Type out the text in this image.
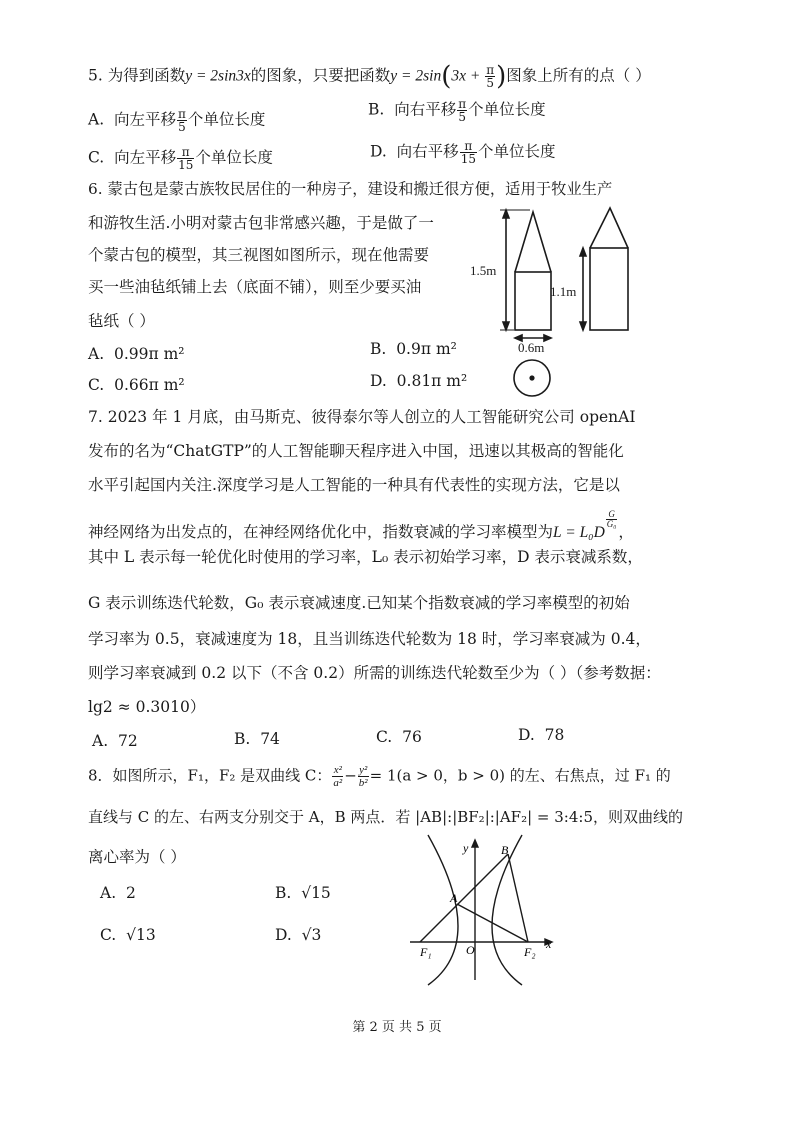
5. 为得到函数y = 2sin3x的图象，只要把函数$y = 2\sin(3x + \frac{\pi}{5}$ )图象上所有的点（ ）
A. 向左平移 $\frac{\pi}{5}$ 个单位长度
B. 向右平移 $\frac{\pi}{5}$ 个单位长度
C. 向左平移 $\frac{\pi}{15}$ 个单位长度	D. 向右平移 $\frac{\pi}{15}$ 个单位长度
6. 蒙古包是蒙古族牧民居住的一种房子，建设和搬迁很方便，适用于牧业生产
和游牧生活.小明对蒙古包非常感兴趣，于是做了一
个蒙古包的模型，其三视图如图所示，现在他需要
买一些油毡纸铺上去（底面不铺），则至少要买油
毡纸（ ）
A. 0.99π m²	B. 0.9π m²
C. 0.66π m²	D. 0.81π m²
1.5m
1.1m
0.6m
7. 2023 年 1 月底，由马斯克、彼得泰尔等人创立的人工智能研究公司 openAI
发布的名为“ChatGTP”的人工智能聊天程序进入中国，迅速以其极高的智能化
水平引起国内关注.深度学习是人工智能的一种具有代表性的实现方法，它是以
神经网络为出发点的，在神经网络优化中，指数衰减的学习率模型为L = L₀D
$\frac{G}{\text{G₀}}$
，
其中 L 表示每一轮优化时使用的学习率，L₀ 表示初始学习率，D 表示衰减系数，
G 表示训练迭代轮数，G₀ 表示衰减速度.已知某个指数衰减的学习率模型的初始
学习率为 0.5，衰减速度为 18，且当训练迭代轮数为 18 时，学习率衰减为 0.4，
则学习率衰减到 0.2 以下（不含 0.2）所需的训练迭代轮数至少为（ ）（参考数据：
lg2 ≈ 0.3010）
A. 72	B. 74	C. 76	D. 78
8．如图所示，F₁，F₂ 是双曲线 C： $\frac{\text{x²}}{\text{a²}} - \frac{\text{y²}}{\text{b²}} = 1(a > 0$，b > 0) 的左、右焦点，过 F₁ 的
直线与 C 的左、右两支分别交于 A，B 两点．若 |AB|:|BF₂|:|AF₂| = 3:4:5，则双曲线的
离心率为（ ）
A. 2	B. √15
C. √13	D. √3
y
x
B
A
O
F₁	F₂
第 2 页 共 5 页
